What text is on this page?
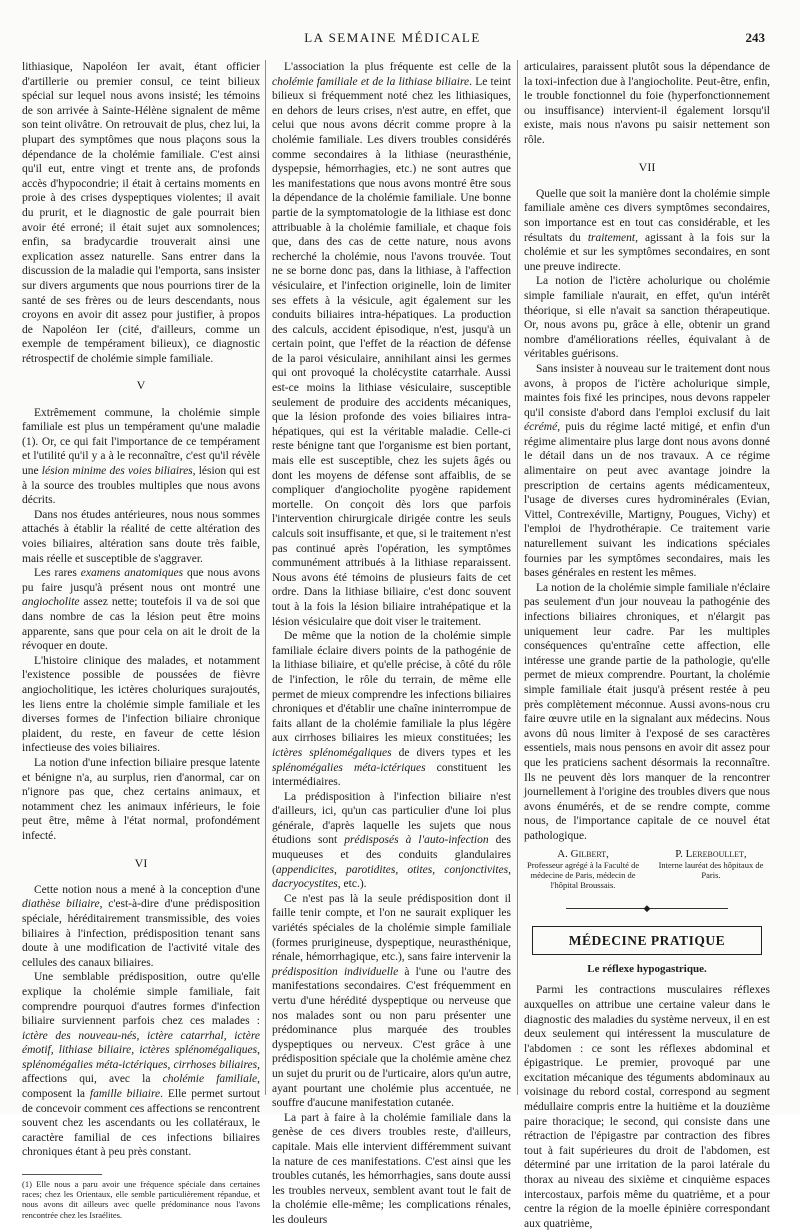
LA SEMAINE MÉDICALE	243

lithiasique, Napoléon Ier avait, étant officier d'artillerie ou premier consul, ce teint bilieux spécial sur lequel nous avons insisté; les témoins de son arrivée à Sainte-Hélène signalent de même son teint olivâtre. On retrouvait de plus, chez lui, la plupart des symptômes que nous plaçons sous la dépendance de la cholémie familiale. C'est ainsi qu'il eut, entre vingt et trente ans, de profonds accès d'hypocondrie; il était à certains moments en proie à des crises dyspeptiques violentes; il avait du prurit, et le diagnostic de gale pourrait bien avoir été erroné; il était sujet aux somnolences; enfin, sa bradycardie trouverait ainsi une explication assez naturelle. Sans entrer dans la discussion de la maladie qui l'emporta, sans insister sur divers arguments que nous pourrions tirer de la santé de ses frères ou de leurs descendants, nous croyons en avoir dit assez pour justifier, à propos de Napoléon Ier (cité, d'ailleurs, comme un exemple de tempérament bilieux), ce diagnostic rétrospectif de cholémie simple familiale.

V

Extrêmement commune, la cholémie simple familiale est plus un tempérament qu'une maladie (1). Or, ce qui fait l'importance de ce tempérament et l'utilité qu'il y a à le reconnaître, c'est qu'il révèle une lésion minime des voies biliaires, lésion qui est à la source des troubles multiples que nous avons décrits.

Dans nos études antérieures, nous nous sommes attachés à établir la réalité de cette altération des voies biliaires, altération sans doute très faible, mais réelle et susceptible de s'aggraver.

Les rares examens anatomiques que nous avons pu faire jusqu'à présent nous ont montré une angiocholite assez nette; toutefois il va de soi que dans nombre de cas la lésion peut être moins apparente, sans que pour cela on ait le droit de la révoquer en doute.

L'histoire clinique des malades, et notamment l'existence possible de poussées de fièvre angiocholitique, les ictères choluriques surajoutés, les liens entre la cholémie simple familiale et les diverses formes de l'infection biliaire chronique plaident, du reste, en faveur de cette lésion infectieuse des voies biliaires.

La notion d'une infection biliaire presque latente et bénigne n'a, au surplus, rien d'anormal, car on n'ignore pas que, chez certains animaux, et notamment chez les animaux inférieurs, le foie peut être, même à l'état normal, profondément infecté.

VI

Cette notion nous a mené à la conception d'une diathèse biliaire, c'est-à-dire d'une prédisposition spéciale, héréditairement transmissible, des voies biliaires à l'infection, prédisposition tenant sans doute à une modification de l'activité vitale des cellules des canaux biliaires.

Une semblable prédisposition, outre qu'elle explique la cholémie simple familiale, fait comprendre pourquoi d'autres formes d'infection biliaire surviennent parfois chez ces malades : ictère des nouveau-nés, ictère catarrhal, ictère émotif, lithiase biliaire, ictères splénomégaliques, splénomégalies méta-ictériques, cirrhoses biliaires, affections qui, avec la cholémie familiale, composent la famille biliaire. Elle permet surtout de concevoir comment ces affections se rencontrent souvent chez les ascendants ou les collatéraux, le caractère familial de ces infections biliaires chroniques étant à peu près constant.

(1) Elle nous a paru avoir une fréquence spéciale dans certaines races; chez les Orientaux, elle semble particulièrement répandue, et nous avons dit ailleurs avec quelle prédominance nous l'avons rencontrée chez les Israélites.

L'association la plus fréquente est celle de la cholémie familiale et de la lithiase biliaire. Le teint bilieux si fréquemment noté chez les lithiasiques, en dehors de leurs crises, n'est autre, en effet, que celui que nous avons décrit comme propre à la cholémie familiale. Les divers troubles considérés comme secondaires à la lithiase (neurasthénie, dyspepsie, hémorrhagies, etc.) ne sont autres que les manifestations que nous avons montré être sous la dépendance de la cholémie familiale. Une bonne partie de la symptomatologie de la lithiase est donc attribuable à la cholémie familiale, et chaque fois que, dans des cas de cette nature, nous avons recherché la cholémie, nous l'avons trouvée. Tout ne se borne donc pas, dans la lithiase, à l'affection vésiculaire, et l'infection originelle, loin de limiter ses effets à la vésicule, agit également sur les conduits biliaires intra-hépatiques. La production des calculs, accident épisodique, n'est, jusqu'à un certain point, que l'effet de la réaction de défense de la paroi vésiculaire, annihilant ainsi les germes qui ont provoqué la cholécystite catarrhale. Aussi est-ce moins la lithiase vésiculaire, susceptible seulement de produire des accidents mécaniques, que la lésion profonde des voies biliaires intra-hépatiques, qui est la véritable maladie. Celle-ci reste bénigne tant que l'organisme est bien portant, mais elle est susceptible, chez les sujets âgés ou dont les moyens de défense sont affaiblis, de se compliquer d'angiocholite pyogène rapidement mortelle. On conçoit dès lors que parfois l'intervention chirurgicale dirigée contre les seuls calculs soit insuffisante, et que, si le traitement n'est pas continué après l'opération, les symptômes communément attribués à la lithiase reparaissent. Nous avons été témoins de plusieurs faits de cet ordre. Dans la lithiase biliaire, c'est donc souvent tout à la fois la lésion biliaire intrahépatique et la lésion vésiculaire que doit viser le traitement.

De même que la notion de la cholémie simple familiale éclaire divers points de la pathogénie de la lithiase biliaire, et qu'elle précise, à côté du rôle de l'infection, le rôle du terrain, de même elle permet de mieux comprendre les infections biliaires chroniques et d'établir une chaîne ininterrompue de faits allant de la cholémie familiale la plus légère aux cirrhoses biliaires les mieux constituées; les ictères splénomégaliques de divers types et les splénomégalies méta-ictériques constituent les intermédiaires.

La prédisposition à l'infection biliaire n'est d'ailleurs, ici, qu'un cas particulier d'une loi plus générale, d'après laquelle les sujets que nous étudions sont prédisposés à l'auto-infection des muqueuses et des conduits glandulaires (appendicites, parotidites, otites, conjonctivites, dacryocystites, etc.).

Ce n'est pas là la seule prédisposition dont il faille tenir compte, et l'on ne saurait expliquer les variétés spéciales de la cholémie simple familiale (formes prurigineuse, dyspeptique, neurasthénique, rénale, hémorrhagique, etc.), sans faire intervenir la prédisposition individuelle à l'une ou l'autre des manifestations secondaires. C'est fréquemment en vertu d'une hérédité dyspeptique ou nerveuse que nos malades sont ou non paru présenter une prédominance plus marquée des troubles dyspeptiques ou nerveux. C'est grâce à une prédisposition spéciale que la cholémie amène chez un sujet du prurit ou de l'urticaire, alors qu'un autre, ayant pourtant une cholémie plus accentuée, ne souffre d'aucune manifestation cutanée.

La part à faire à la cholémie familiale dans la genèse de ces divers troubles reste, d'ailleurs, capitale. Mais elle intervient différemment suivant la nature de ces manifestations. C'est ainsi que les troubles cutanés, les hémorrhagies, sans doute aussi les troubles nerveux, semblent avant tout le fait de la cholémie elle-même; les complications rénales, les douleurs

articulaires, paraissent plutôt sous la dépendance de la toxi-infection due à l'angiocholite. Peut-être, enfin, le trouble fonctionnel du foie (hyperfonctionnement ou insuffisance) intervient-il également lorsqu'il existe, mais nous n'avons pu saisir nettement son rôle.

VII

Quelle que soit la manière dont la cholémie simple familiale amène ces divers symptômes secondaires, son importance est en tout cas considérable, et les résultats du traitement, agissant à la fois sur la cholémie et sur les symptômes secondaires, en sont une preuve indirecte.

La notion de l'ictère acholurique ou cholémie simple familiale n'aurait, en effet, qu'un intérêt théorique, si elle n'avait sa sanction thérapeutique. Or, nous avons pu, grâce à elle, obtenir un grand nombre d'améliorations réelles, équivalant à de véritables guérisons.

Sans insister à nouveau sur le traitement dont nous avons, à propos de l'ictère acholurique simple, maintes fois fixé les principes, nous devons rappeler qu'il consiste d'abord dans l'emploi exclusif du lait écrémé, puis du régime lacté mitigé, et enfin d'un régime alimentaire plus large dont nous avons donné le détail dans un de nos travaux. A ce régime alimentaire on peut avec avantage joindre la prescription de certains agents médicamenteux, l'usage de diverses cures hydrominérales (Evian, Vittel, Contrexéville, Martigny, Pougues, Vichy) et l'emploi de l'hydrothérapie. Ce traitement varie naturellement suivant les indications spéciales fournies par les symptômes secondaires, mais les bases générales en restent les mêmes.

La notion de la cholémie simple familiale n'éclaire pas seulement d'un jour nouveau la pathogénie des infections biliaires chroniques, et n'élargit pas uniquement leur cadre. Par les multiples conséquences qu'entraîne cette affection, elle intéresse une grande partie de la pathologie, qu'elle permet de mieux comprendre. Pourtant, la cholémie simple familiale était jusqu'à présent restée à peu près complètement méconnue. Aussi avons-nous cru faire œuvre utile en la signalant aux médecins. Nous avons dû nous limiter à l'exposé de ses caractères essentiels, mais nous pensons en avoir dit assez pour que les praticiens sachent désormais la reconnaître. Ils ne peuvent dès lors manquer de la rencontrer journellement à l'origine des troubles divers que nous avons énumérés, et de se rendre compte, comme nous, de l'importance capitale de ce nouvel état pathologique.

A. Gilbert,
Professeur agrégé à la Faculté de médecine de Paris, médecin de l'hôpital Broussais.
P. Lereboullet,
Interne lauréat des hôpitaux de Paris.
◆
MÉDECINE PRATIQUE
Le réflexe hypogastrique.

Parmi les contractions musculaires réflexes auxquelles on attribue une certaine valeur dans le diagnostic des maladies du système nerveux, il en est deux seulement qui intéressent la musculature de l'abdomen : ce sont les réflexes abdominal et épigastrique. Le premier, provoqué par une excitation mécanique des téguments abdominaux au voisinage du rebord costal, correspond au segment médullaire compris entre la huitième et la douzième paire thoracique; le second, qui consiste dans une rétraction de l'épigastre par contraction des fibres tout à fait supérieures du droit de l'abdomen, est déterminé par une irritation de la paroi latérale du thorax au niveau des sixième et cinquième espaces intercostaux, parfois même du quatrième, et a pour centre la région de la moelle épinière correspondant aux quatrième,
